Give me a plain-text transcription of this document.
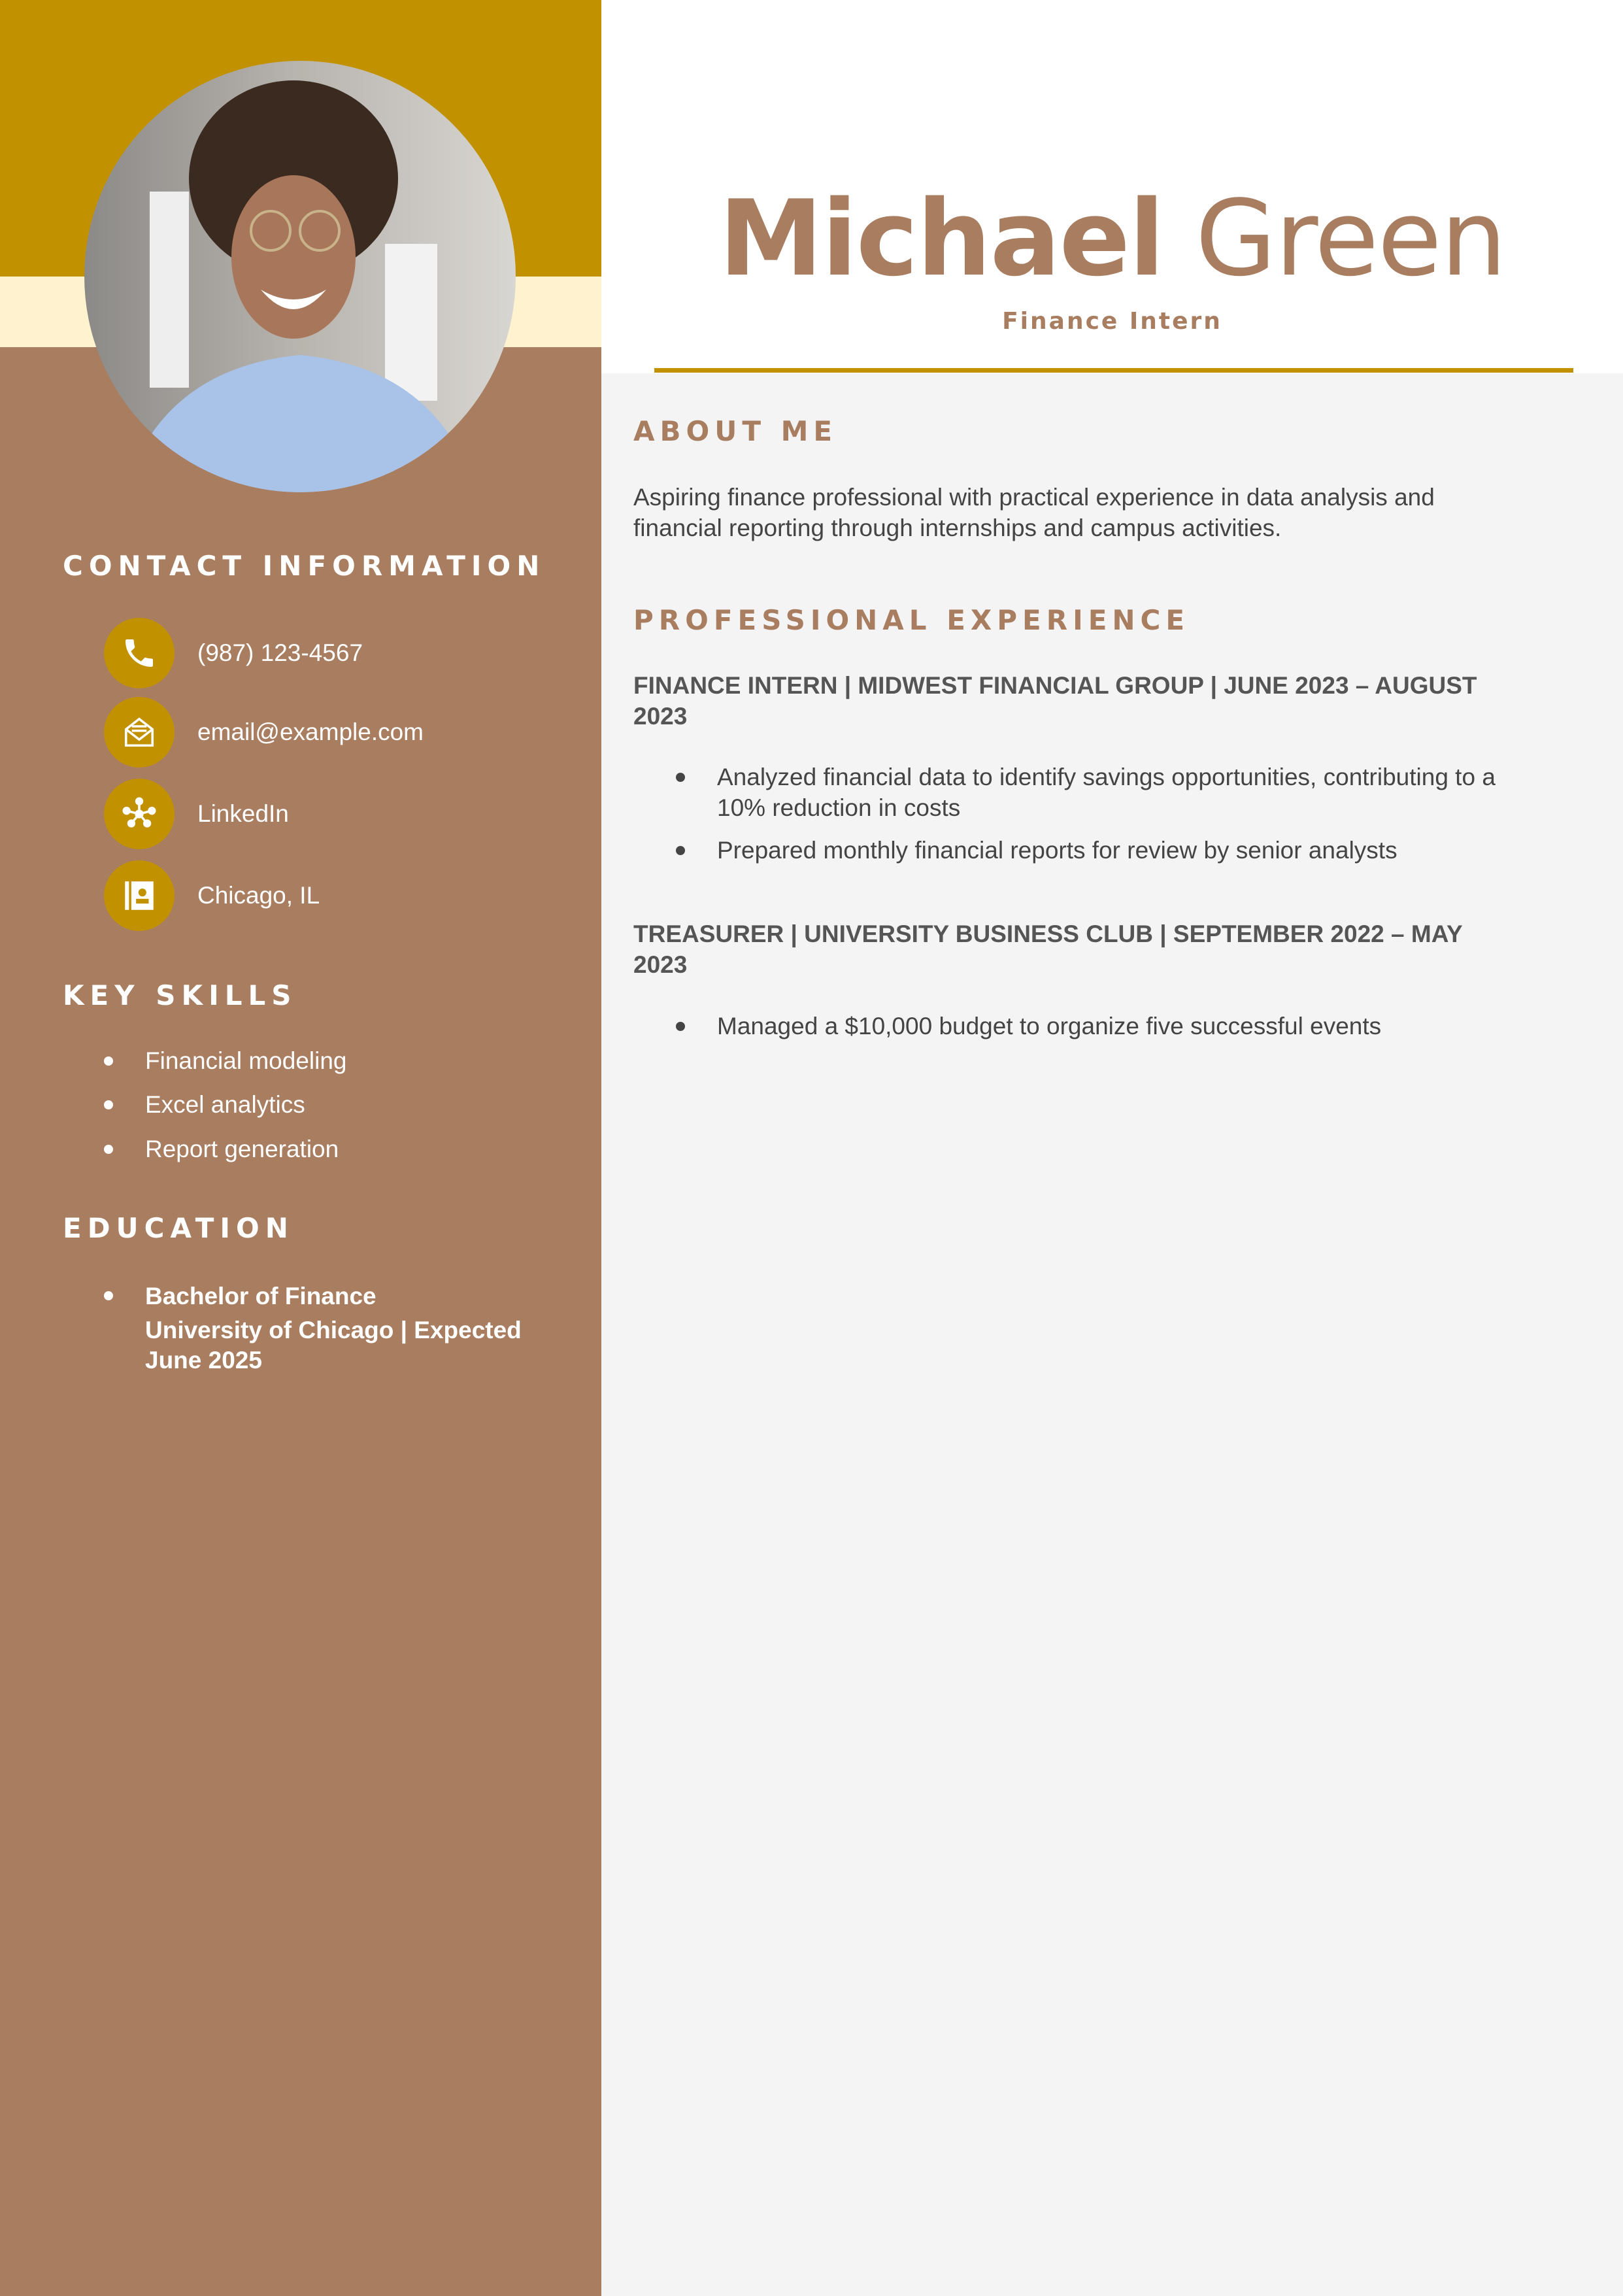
CONTACT INFORMATION
(987) 123-4567
email@example.com
LinkedIn
Chicago, IL
KEY SKILLS
Financial modeling
Excel analytics
Report generation
EDUCATION
Bachelor of Finance
University of Chicago | Expected
June 2025
Michael Green
Finance Intern
ABOUT ME
Aspiring finance professional with practical experience in data analysis and
financial reporting through internships and campus activities.
PROFESSIONAL EXPERIENCE
FINANCE INTERN | MIDWEST FINANCIAL GROUP | JUNE 2023 – AUGUST
2023
Analyzed financial data to identify savings opportunities, contributing to a
10% reduction in costs
Prepared monthly financial reports for review by senior analysts
TREASURER | UNIVERSITY BUSINESS CLUB | SEPTEMBER 2022 – MAY
2023
Managed a $10,000 budget to organize five successful events
